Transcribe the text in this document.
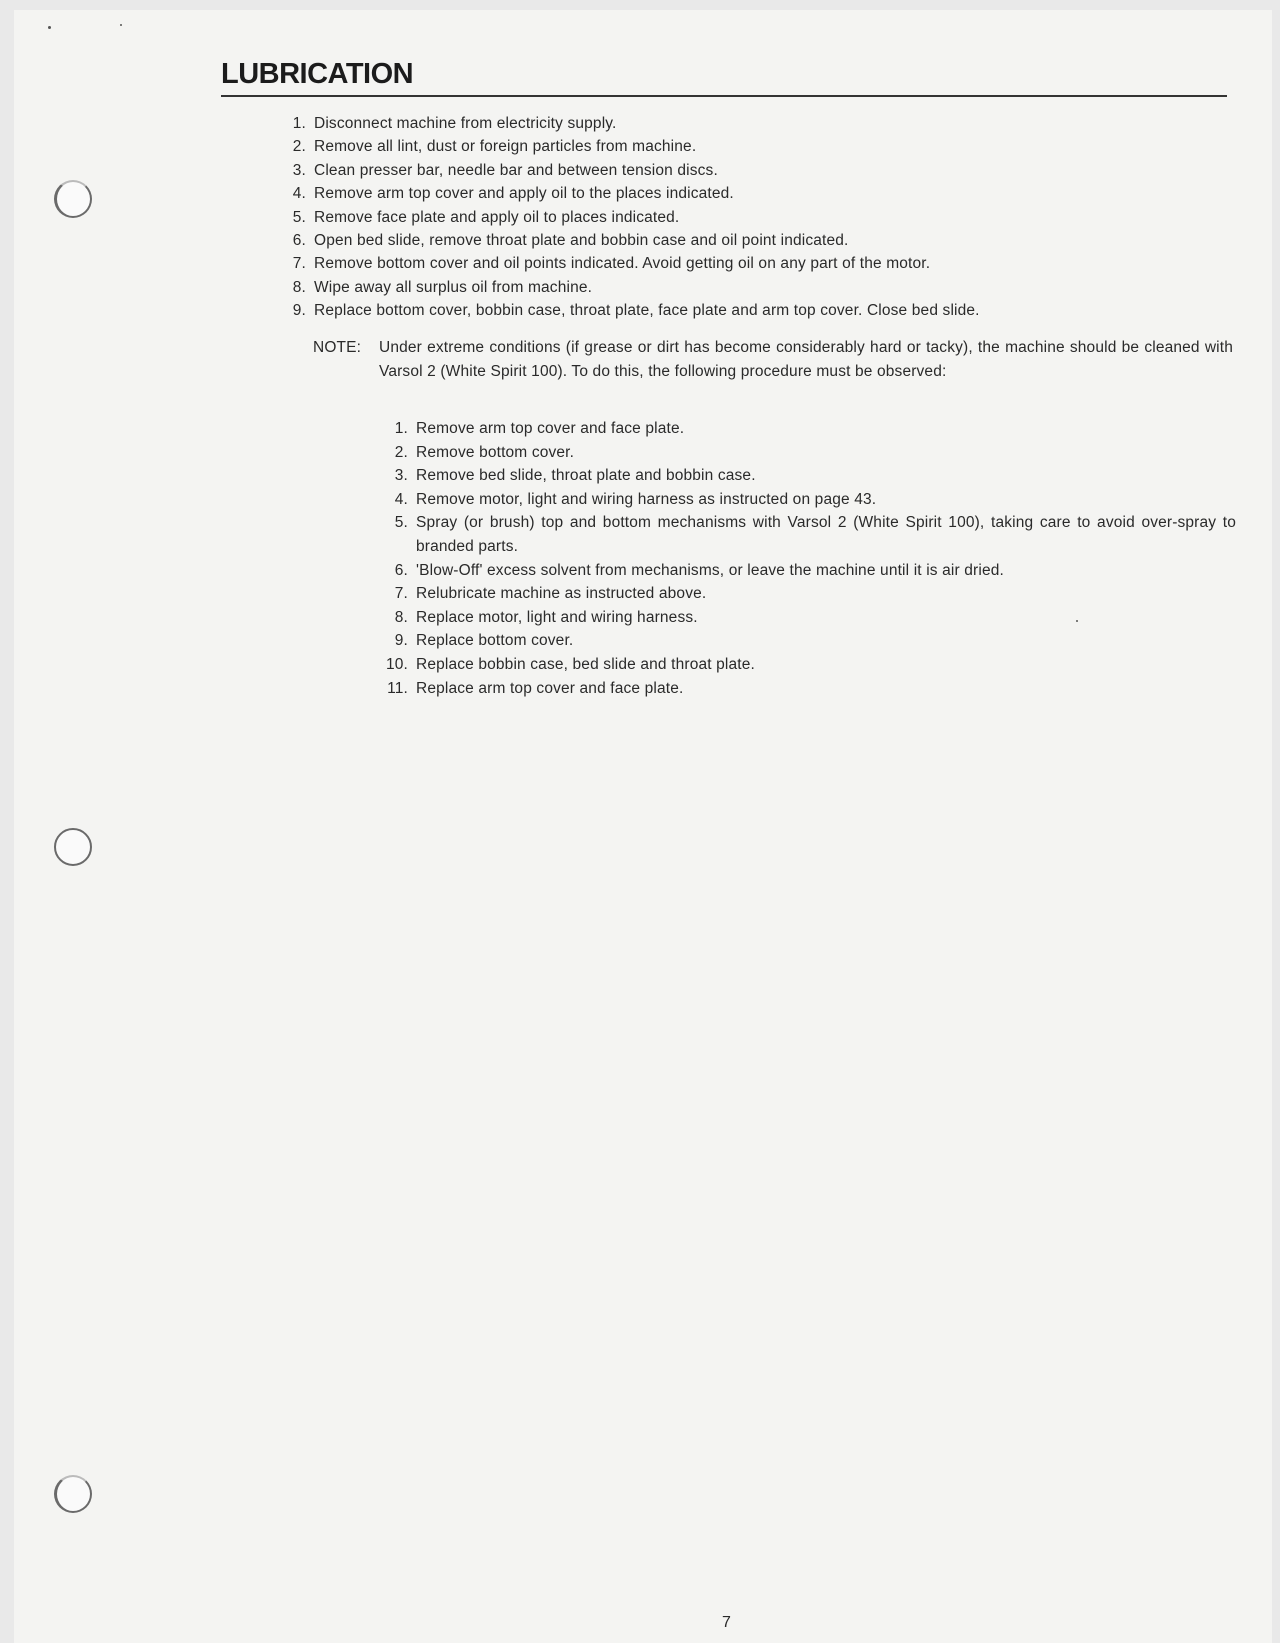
LUBRICATION
1. Disconnect machine from electricity supply.
2. Remove all lint, dust or foreign particles from machine.
3. Clean presser bar, needle bar and between tension discs.
4. Remove arm top cover and apply oil to the places indicated.
5. Remove face plate and apply oil to places indicated.
6. Open bed slide, remove throat plate and bobbin case and oil point indicated.
7. Remove bottom cover and oil points indicated. Avoid getting oil on any part of the motor.
8. Wipe away all surplus oil from machine.
9. Replace bottom cover, bobbin case, throat plate, face plate and arm top cover. Close bed slide.
NOTE: Under extreme conditions (if grease or dirt has become considerably hard or tacky), the machine should be cleaned with Varsol 2 (White Spirit 100). To do this, the following procedure must be observed:
1. Remove arm top cover and face plate.
2. Remove bottom cover.
3. Remove bed slide, throat plate and bobbin case.
4. Remove motor, light and wiring harness as instructed on page 43.
5. Spray (or brush) top and bottom mechanisms with Varsol 2 (White Spirit 100), taking care to avoid over-spray to branded parts.
6. 'Blow-Off' excess solvent from mechanisms, or leave the machine until it is air dried.
7. Relubricate machine as instructed above.
8. Replace motor, light and wiring harness.
9. Replace bottom cover.
10. Replace bobbin case, bed slide and throat plate.
11. Replace arm top cover and face plate.
7
